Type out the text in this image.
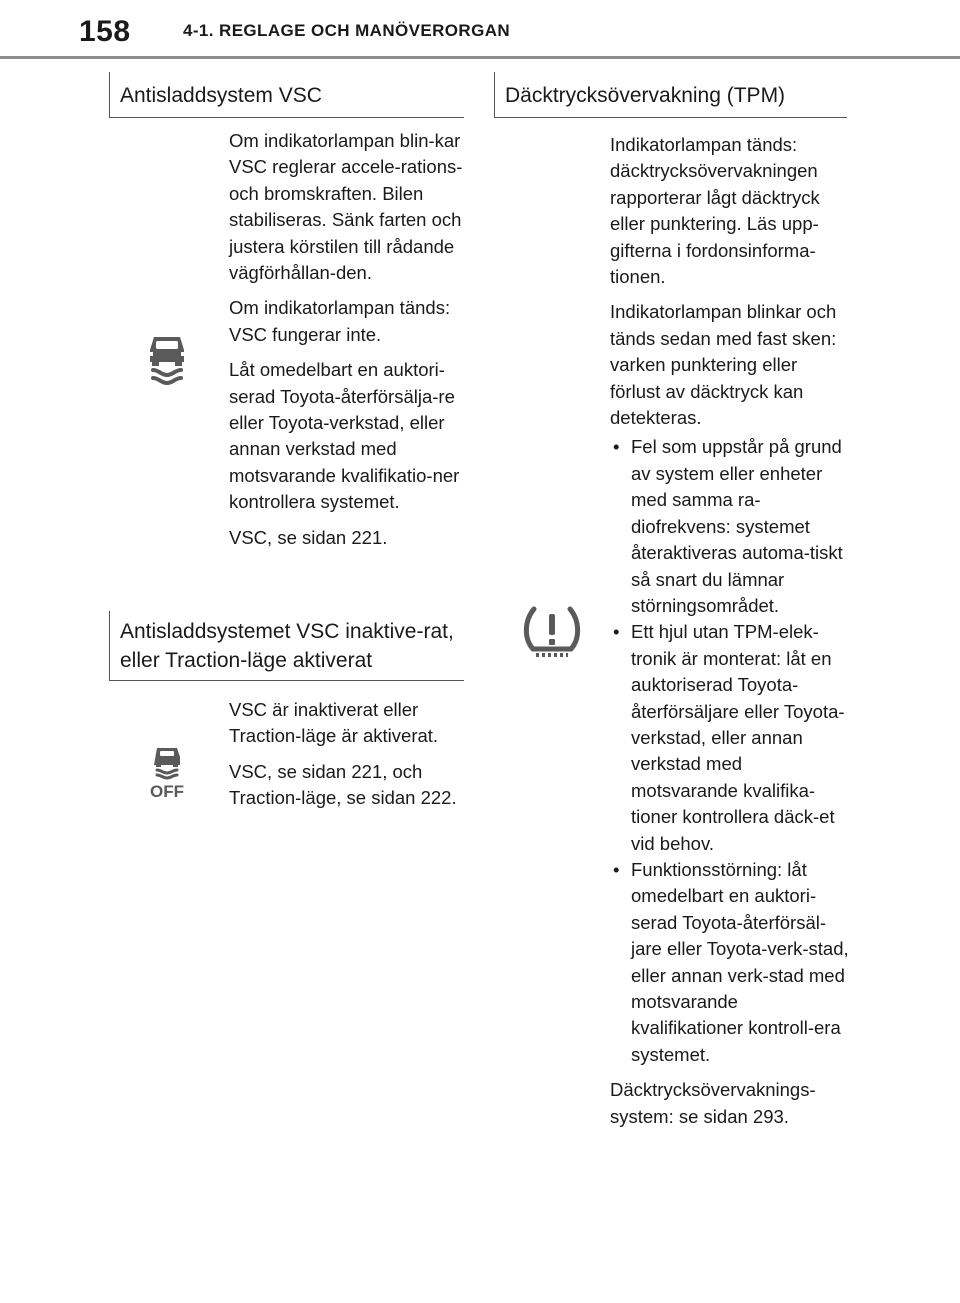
158	4-1. REGLAGE OCH MANÖVERORGAN
Antisladdsystem VSC

Om indikatorlampan blin-kar VSC reglerar accele-rations- och bromskraften. Bilen stabiliseras. Sänk farten och justera körstilen till rådande vägförhållan-den.

Om indikatorlampan tänds: VSC fungerar inte.

Låt omedelbart en auktori-serad Toyota-återförsälja-re eller Toyota-verkstad, eller annan verkstad med motsvarande kvalifikatio-ner kontrollera systemet.

VSC, se sidan 221.

Antisladdsystemet VSC inaktive-rat, eller Traction-läge aktiverat
OFF

VSC är inaktiverat eller Traction-läge är aktiverat.

VSC, se sidan 221, och Traction-läge, se sidan 222.

Däcktrycksövervakning (TPM)

Indikatorlampan tänds: däcktrycksövervakningen rapporterar lågt däcktryck eller punktering. Läs upp-gifterna i fordonsinforma-tionen.

Indikatorlampan blinkar och tänds sedan med fast sken: varken punktering eller förlust av däcktryck kan detekteras.

• Fel som uppstår på grund av system eller enheter med samma ra-diofrekvens: systemet återaktiveras automa-tiskt så snart du lämnar störningsområdet.
• Ett hjul utan TPM-elek-tronik är monterat: låt en auktoriserad Toyota-återförsäljare eller Toyota-verkstad, eller annan verkstad med motsvarande kvalifika-tioner kontrollera däck-et vid behov.
• Funktionsstörning: låt omedelbart en auktori-serad Toyota-återförsäl-jare eller Toyota-verk-stad, eller annan verk-stad med motsvarande kvalifikationer kontroll-era systemet.

Däcktrycksövervaknings-system: se sidan 293.
